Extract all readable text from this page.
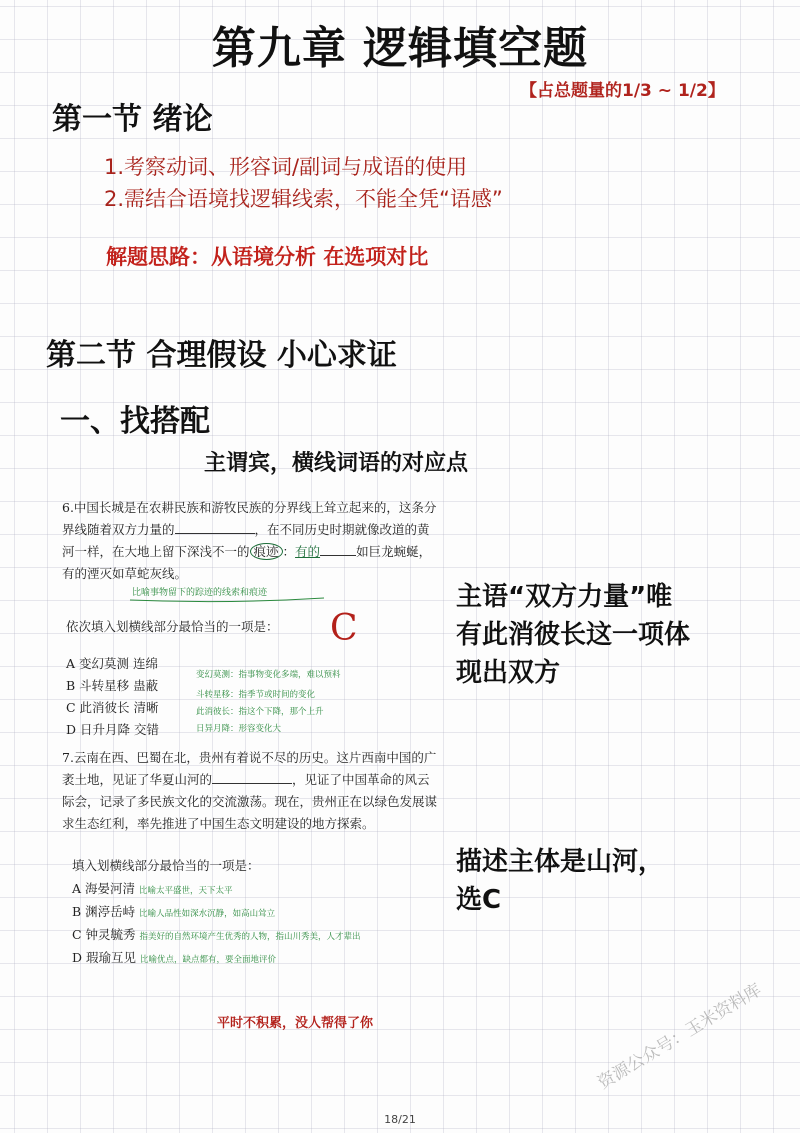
第九章 逻辑填空题
【占总题量的1/3 ~ 1/2】
第一节 绪论
1.考察动词、形容词/副词与成语的使用
2.需结合语境找逻辑线索，不能全凭“语感”
解题思路：从语境分析 在选项对比
第二节 合理假设 小心求证
一、找搭配
主谓宾，横线词语的对应点
6.中国长城是在农耕民族和游牧民族的分界线上耸立起来的，这条分界线随着双方力量的	，在不同历史时期就像改道的黄河一样，在大地上留下深浅不一的 痕迹 ：有的	如巨龙蜿蜒，有的湮灭如草蛇灰线。
比喻事物留下的踪迹的线索和痕迹
依次填入划横线部分最恰当的一项是： C
A 变幻莫测 连绵
B 斗转星移 蛊蔽
C 此消彼长 清晰
D 日升月降 交错
变幻莫测：指事物变化多端，难以预料
斗转星移：指季节或时间的变化
此消彼长：指这个下降，那个上升
日异月降：形容变化大
主语“双方力量”唯有此消彼长这一项体现出双方
7.云南在西、巴蜀在北，贵州有着说不尽的历史。这片西南中国的广袤土地，见证了华夏山河的	，见证了中国革命的风云际会，记录了多民族文化的交流激荡。现在，贵州正在以绿色发展谋求生态红利，率先推进了中国生态文明建设的地方探索。
填入划横线部分最恰当的一项是：
A 海晏河清 比喻太平盛世，天下太平
B 渊渟岳峙 比喻人品性如深水沉静，如高山耸立
C 钟灵毓秀 指美好的自然环境产生优秀的人物，指山川秀美，人才辈出
D 瑕瑜互见 比喻优点，缺点都有，要全面地评价
描述主体是山河，选C
平时不积累，没人帮得了你	资源公众号：玉米资料库
18/21
